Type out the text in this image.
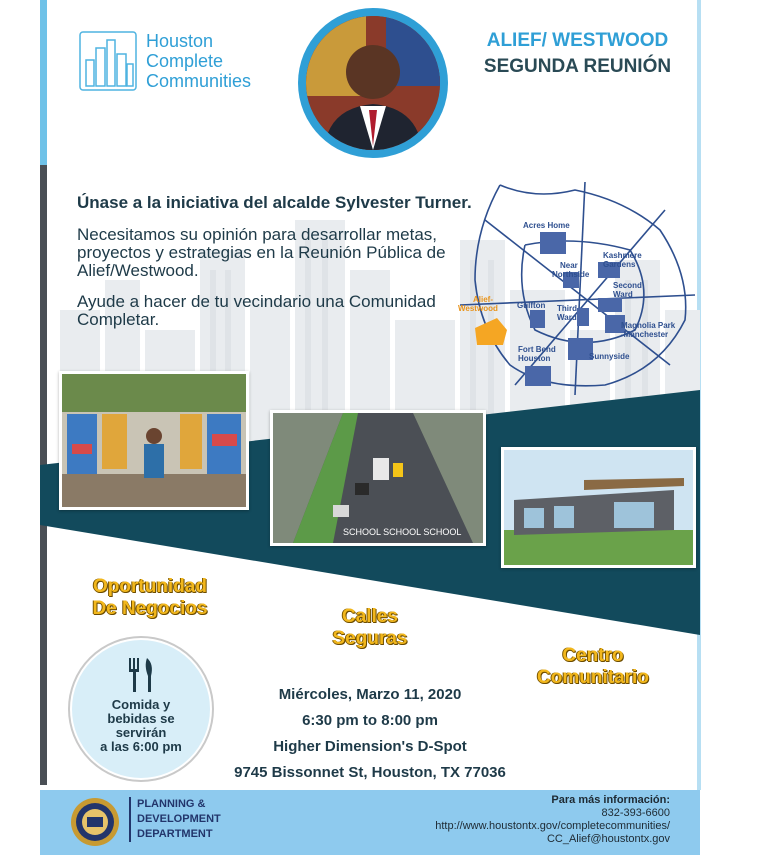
Houston
Complete
Communities
ALIEF/ WESTWOOD
SEGUNDA REUNIÓN
Únase a la iniciativa del alcalde Sylvester Turner.

Necesitamos su opinión para desarrollar metas, proyectos y estrategias en la Reunión Pública de Alief/Westwood.

Ayude a hacer de tu vecindario una Comunidad Completar.

Acres Home
Near
Northside
Kashmere
Gardens
Second
Ward
Gulfton Third
Ward
Magnolia Park
-Manchester
Fort Bend
Houston	Sunnyside
Alief-
Westwood
SCHOOL SCHOOL SCHOOL
Oportunidad
De Negocios	Calles
Seguras
Centro
Comunitario
Comida y
bebidas se
servirán
a las 6:00 pm
Miércoles, Marzo 11, 2020
6:30 pm to 8:00 pm
Higher Dimension's D-Spot
9745 Bissonnet St, Houston, TX 77036
PLANNING &
DEVELOPMENT
DEPARTMENT
Para más información:
832-393-6600
http://www.houstontx.gov/completecommunities/
CC_Alief@houstontx.gov
